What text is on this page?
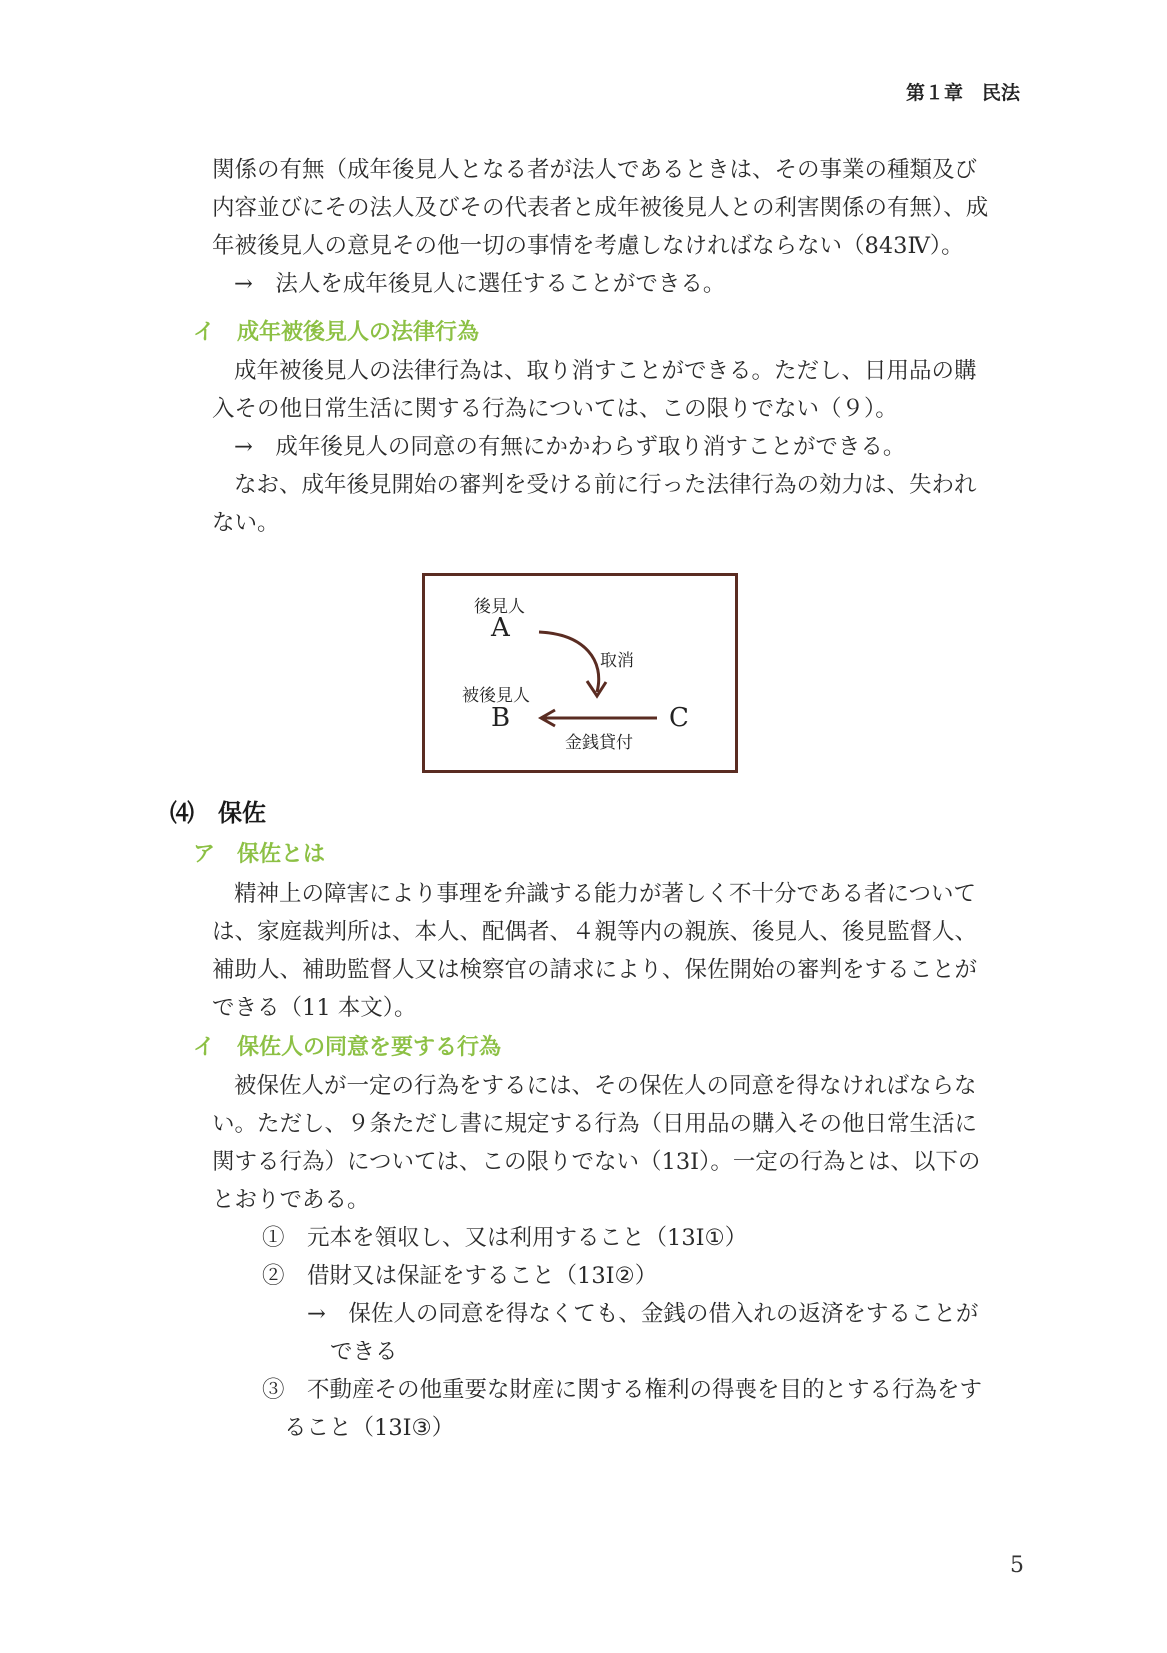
第１章　民法
関係の有無（成年後見人となる者が法人であるときは、その事業の種類及び
内容並びにその法人及びその代表者と成年被後見人との利害関係の有無）、成
年被後見人の意見その他一切の事情を考慮しなければならない（843Ⅳ）。
→　法人を成年後見人に選任することができる。
イ　成年被後見人の法律行為
成年被後見人の法律行為は、取り消すことができる。ただし、日用品の購
入その他日常生活に関する行為については、この限りでない（９）。
→　成年後見人の同意の有無にかかわらず取り消すことができる。
なお、成年後見開始の審判を受ける前に行った法律行為の効力は、失われ
ない。
後見人
A
取消
被後見人
B	C
金銭貸付
⑷　保佐
ア　保佐とは
精神上の障害により事理を弁識する能力が著しく不十分である者について
は、家庭裁判所は、本人、配偶者、４親等内の親族、後見人、後見監督人、
補助人、補助監督人又は検察官の請求により、保佐開始の審判をすることが
できる（11 本文）。
イ　保佐人の同意を要する行為
被保佐人が一定の行為をするには、その保佐人の同意を得なければならな
い。ただし、９条ただし書に規定する行為（日用品の購入その他日常生活に
関する行為）については、この限りでない（13Ⅰ）。一定の行為とは、以下の
とおりである。
①　元本を領収し、又は利用すること（13Ⅰ①）
②　借財又は保証をすること（13Ⅰ②）
→　保佐人の同意を得なくても、金銭の借入れの返済をすることが
できる
③　不動産その他重要な財産に関する権利の得喪を目的とする行為をす
ること（13Ⅰ③）
5
